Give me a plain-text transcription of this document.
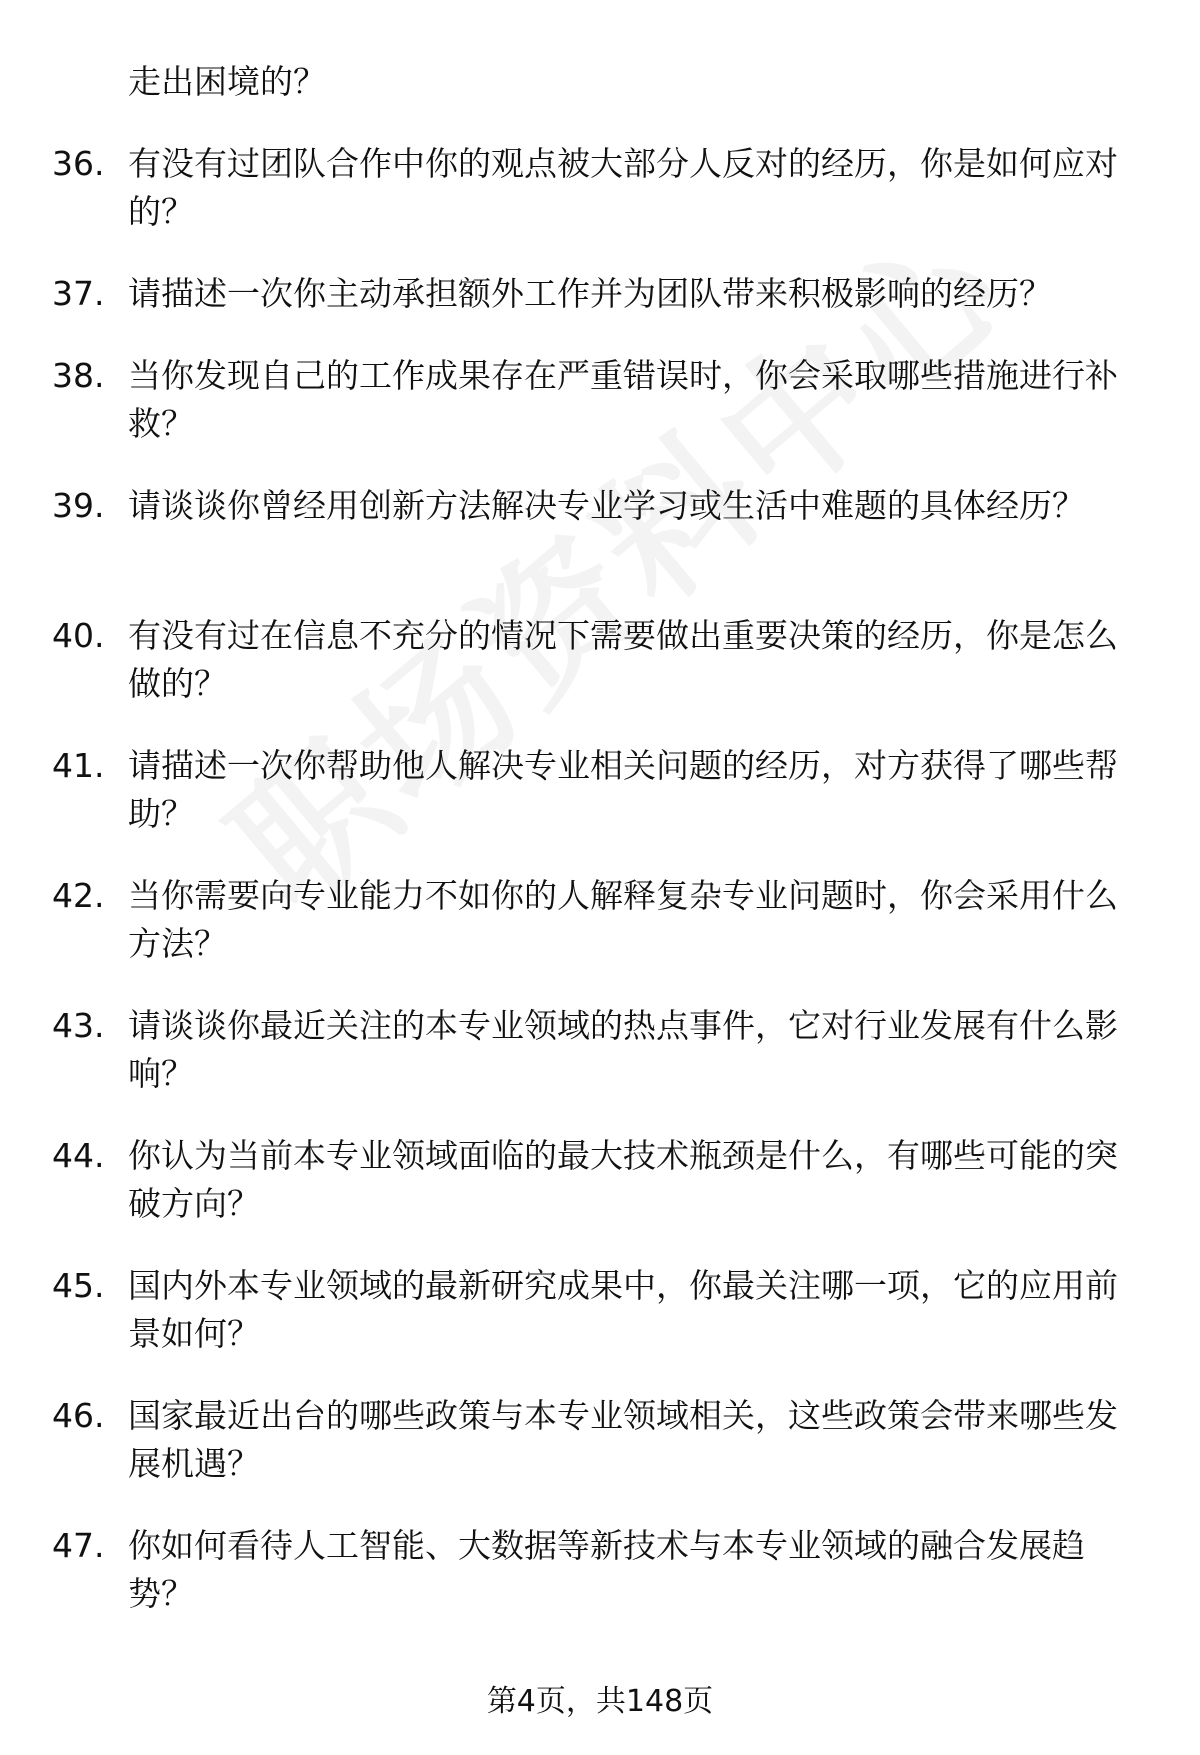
走出困境的？
36. 有没有过团队合作中你的观点被大部分人反对的经历，你是如何应对的？
37. 请描述一次你主动承担额外工作并为团队带来积极影响的经历？
38. 当你发现自己的工作成果存在严重错误时，你会采取哪些措施进行补救？
39. 请谈谈你曾经用创新方法解决专业学习或生活中难题的具体经历？
40. 有没有过在信息不充分的情况下需要做出重要决策的经历，你是怎么做的？
41. 请描述一次你帮助他人解决专业相关问题的经历，对方获得了哪些帮助？
42. 当你需要向专业能力不如你的人解释复杂专业问题时，你会采用什么方法？
43. 请谈谈你最近关注的本专业领域的热点事件，它对行业发展有什么影响？
44. 你认为当前本专业领域面临的最大技术瓶颈是什么，有哪些可能的突破方向？
45. 国内外本专业领域的最新研究成果中，你最关注哪一项，它的应用前景如何？
46. 国家最近出台的哪些政策与本专业领域相关，这些政策会带来哪些发展机遇？
47. 你如何看待人工智能、大数据等新技术与本专业领域的融合发展趋势？
第4页，共148页
